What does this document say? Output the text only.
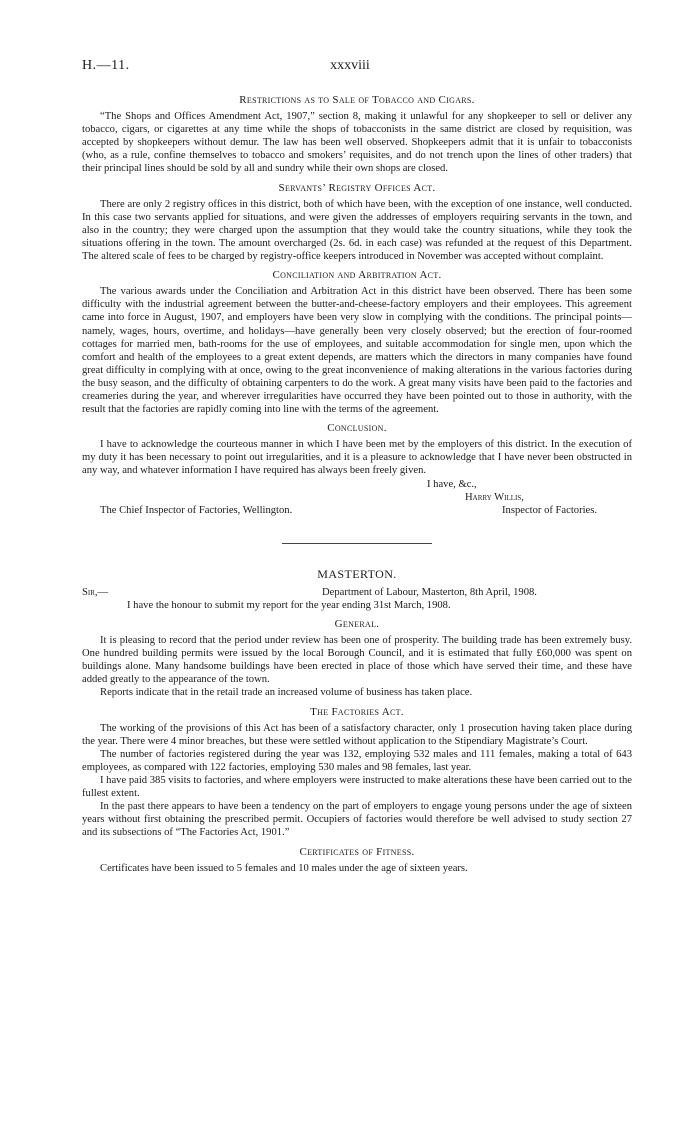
H.—11.	xxxviii
Restrictions as to Sale of Tobacco and Cigars.

“The Shops and Offices Amendment Act, 1907,” section 8, making it unlawful for any shopkeeper to sell or deliver any tobacco, cigars, or cigarettes at any time while the shops of tobacconists in the same district are closed by requisition, was accepted by shopkeepers without demur. The law has been well observed. Shopkeepers admit that it is unfair to tobacconists (who, as a rule, confine themselves to tobacco and smokers’ requisites, and do not trench upon the lines of other traders) that their principal lines should be sold by all and sundry while their own shops are closed.

Servants’ Registry Offices Act.

There are only 2 registry offices in this district, both of which have been, with the exception of one instance, well conducted. In this case two servants applied for situations, and were given the addresses of employers requiring servants in the town, and also in the country; they were charged upon the assumption that they would take the country situations, while they took the situations offering in the town. The amount overcharged (2s. 6d. in each case) was refunded at the request of this Department. The altered scale of fees to be charged by registry-office keepers introduced in November was accepted without complaint.

Conciliation and Arbitration Act.

The various awards under the Conciliation and Arbitration Act in this district have been observed. There has been some difficulty with the industrial agreement between the butter-and-cheese-factory employers and their employees. This agreement came into force in August, 1907, and employers have been very slow in complying with the conditions. The principal points—namely, wages, hours, overtime, and holidays—have generally been very closely observed; but the erection of four-roomed cottages for married men, bath-rooms for the use of employees, and suitable accommodation for single men, upon which the comfort and health of the employees to a great extent depends, are matters which the directors in many companies have found great difficulty in complying with at once, owing to the great inconvenience of making alterations in the various factories during the busy season, and the difficulty of obtaining carpenters to do the work. A great many visits have been paid to the factories and creameries during the year, and wherever irregularities have occurred they have been pointed out to those in authority, with the result that the factories are rapidly coming into line with the terms of the agreement.

Conclusion.

I have to acknowledge the courteous manner in which I have been met by the employers of this district. In the execution of my duty it has been necessary to point out irregularities, and it is a pleasure to acknowledge that I have never been obstructed in any way, and whatever information I have required has always been freely given.

I have, &c.,
Harry Willis,
The Chief Inspector of Factories, Wellington.	Inspector of Factories.
MASTERTON.
Sir,—	Department of Labour, Masterton, 8th April, 1908.

I have the honour to submit my report for the year ending 31st March, 1908.

General.

It is pleasing to record that the period under review has been one of prosperity. The building trade has been extremely busy. One hundred building permits were issued by the local Borough Council, and it is estimated that fully £60,000 was spent on buildings alone. Many handsome buildings have been erected in place of those which have served their time, and these have added greatly to the appearance of the town.

Reports indicate that in the retail trade an increased volume of business has taken place.

The Factories Act.

The working of the provisions of this Act has been of a satisfactory character, only 1 prosecution having taken place during the year. There were 4 minor breaches, but these were settled without application to the Stipendiary Magistrate’s Court.

The number of factories registered during the year was 132, employing 532 males and 111 females, making a total of 643 employees, as compared with 122 factories, employing 530 males and 98 females, last year.

I have paid 385 visits to factories, and where employers were instructed to make alterations these have been carried out to the fullest extent.

In the past there appears to have been a tendency on the part of employers to engage young persons under the age of sixteen years without first obtaining the prescribed permit. Occupiers of factories would therefore be well advised to study section 27 and its subsections of “The Factories Act, 1901.”

Certificates of Fitness.

Certificates have been issued to 5 females and 10 males under the age of sixteen years.
